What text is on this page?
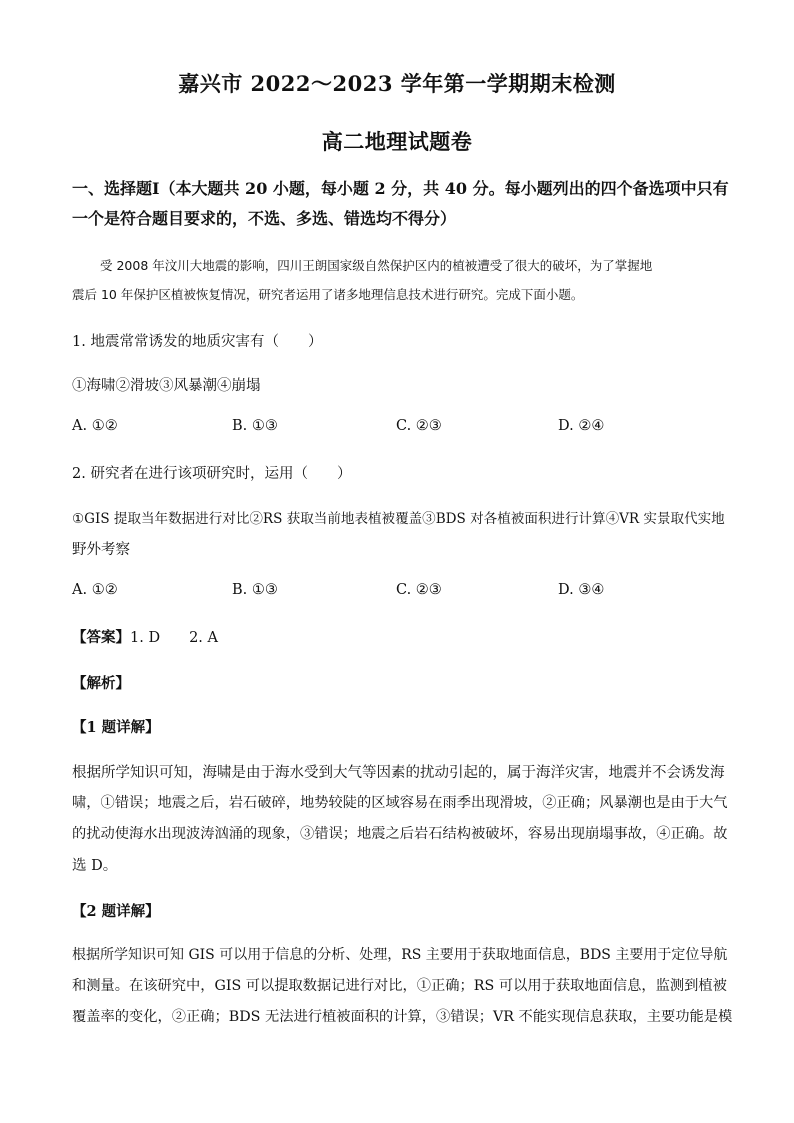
嘉兴市 2022～2023 学年第一学期期末检测
高二地理试题卷
一、选择题Ⅰ（本大题共 20 小题，每小题 2 分，共 40 分。每小题列出的四个备选项中只有
一个是符合题目要求的，不选、多选、错选均不得分）
受 2008 年汶川大地震的影响，四川王朗国家级自然保护区内的植被遭受了很大的破坏，为了掌握地
震后 10 年保护区植被恢复情况，研究者运用了诸多地理信息技术进行研究。完成下面小题。
1. 地震常常诱发的地质灾害有（　　）
①海啸②滑坡③风暴潮④崩塌
A. ①②	B. ①③	C. ②③	D. ②④
2. 研究者在进行该项研究时，运用（　　）
①GIS 提取当年数据进行对比②RS 获取当前地表植被覆盖③BDS 对各植被面积进行计算④VR 实景取代实地
野外考察
A. ①②	B. ①③	C. ②③	D. ③④
【答案】1. D　　2. A
【解析】
【1 题详解】
根据所学知识可知，海啸是由于海水受到大气等因素的扰动引起的，属于海洋灾害，地震并不会诱发海
啸，①错误；地震之后，岩石破碎，地势较陡的区域容易在雨季出现滑坡，②正确；风暴潮也是由于大气
的扰动使海水出现波涛汹涌的现象，③错误；地震之后岩石结构被破坏，容易出现崩塌事故，④正确。故
选 D。
【2 题详解】
根据所学知识可知 GIS 可以用于信息的分析、处理，RS 主要用于获取地面信息，BDS 主要用于定位导航
和测量。在该研究中，GIS 可以提取数据记进行对比，①正确；RS 可以用于获取地面信息，监测到植被
覆盖率的变化，②正确；BDS 无法进行植被面积的计算，③错误；VR 不能实现信息获取，主要功能是模
